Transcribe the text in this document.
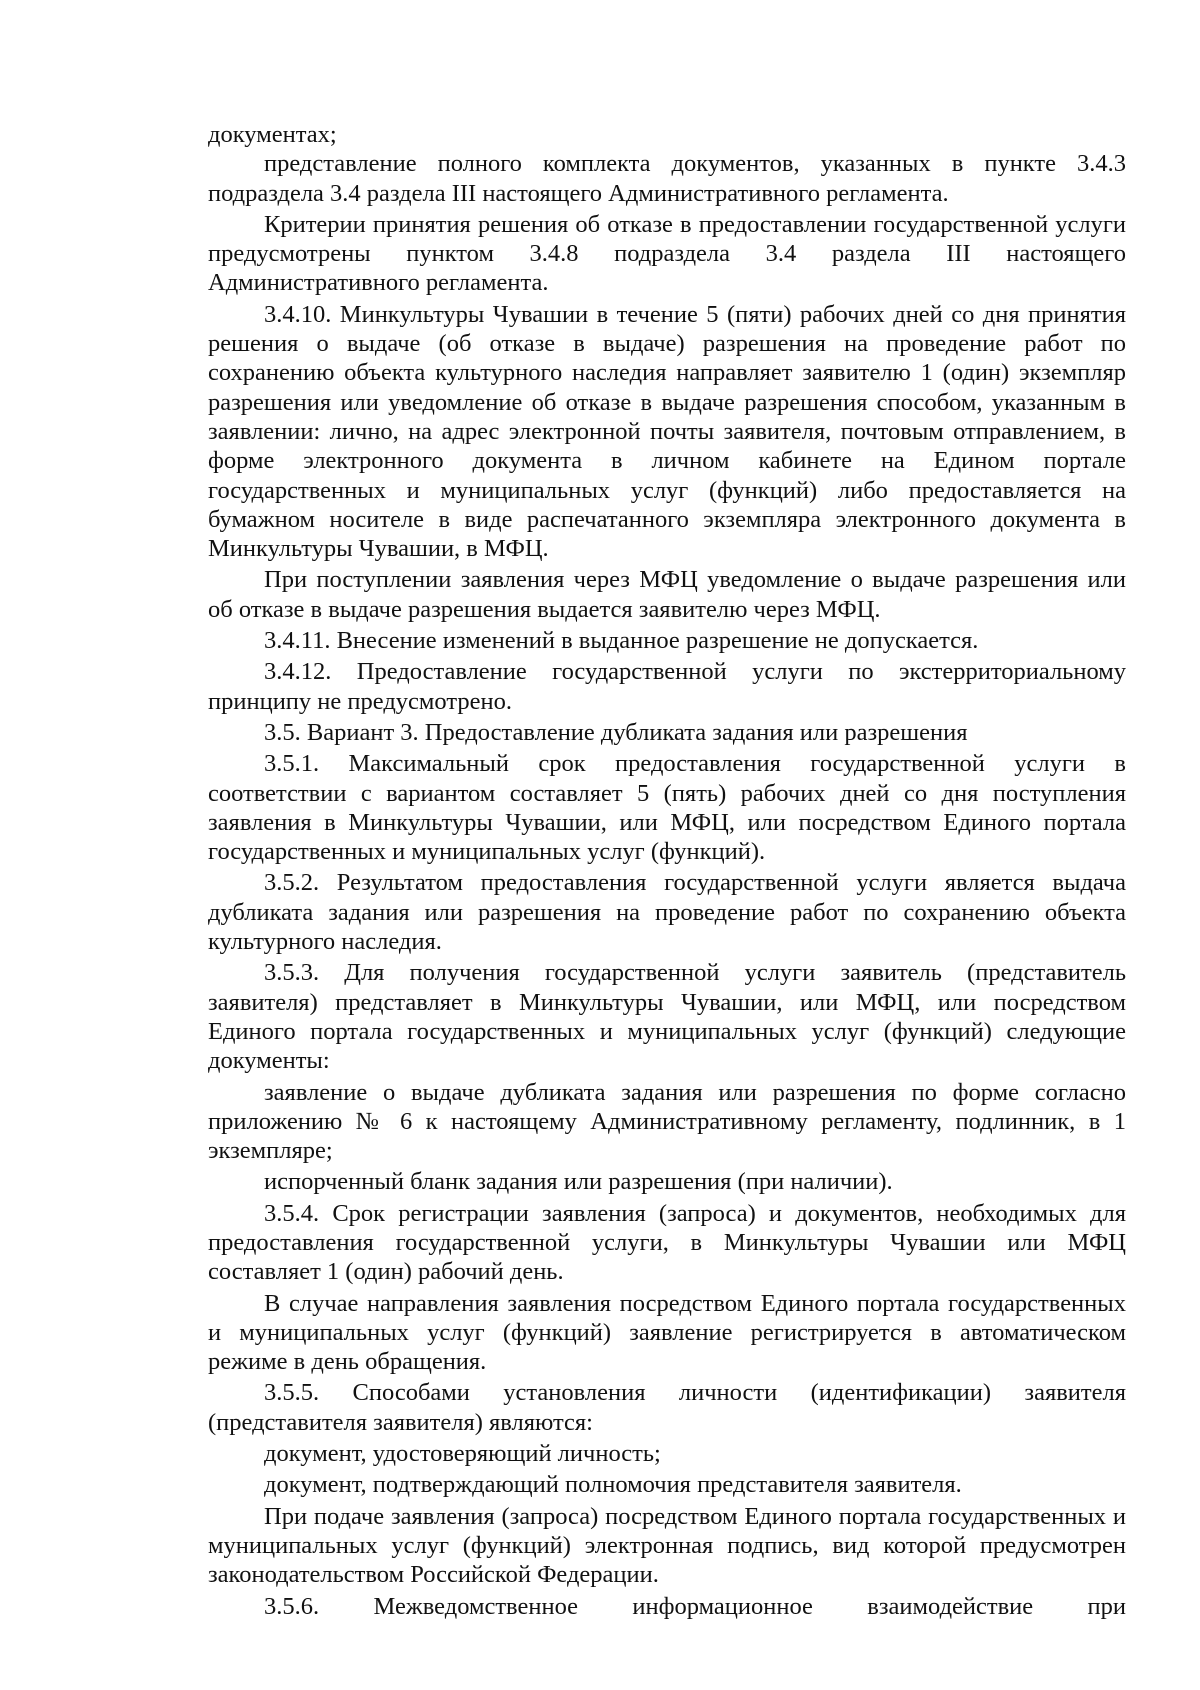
документах;

представление полного комплекта документов, указанных в пункте 3.4.3 подраздела 3.4 раздела III настоящего Административного регламента.

Критерии принятия решения об отказе в предоставлении государственной услуги предусмотрены пунктом 3.4.8 подраздела 3.4 раздела III настоящего Административного регламента.

3.4.10. Минкультуры Чувашии в течение 5 (пяти) рабочих дней со дня принятия решения о выдаче (об отказе в выдаче) разрешения на проведение работ по сохранению объекта культурного наследия направляет заявителю 1 (один) экземпляр разрешения или уведомление об отказе в выдаче разрешения способом, указанным в заявлении: лично, на адрес электронной почты заявителя, почтовым отправлением, в форме электронного документа в личном кабинете на Едином портале государственных и муниципальных услуг (функций) либо предоставляется на бумажном носителе в виде распечатанного экземпляра электронного документа в Минкультуры Чувашии, в МФЦ.

При поступлении заявления через МФЦ уведомление о выдаче разрешения или об отказе в выдаче разрешения выдается заявителю через МФЦ.

3.4.11. Внесение изменений в выданное разрешение не допускается.

3.4.12. Предоставление государственной услуги по экстерриториальному принципу не предусмотрено.

3.5. Вариант 3. Предоставление дубликата задания или разрешения

3.5.1. Максимальный срок предоставления государственной услуги в соответствии с вариантом составляет 5 (пять) рабочих дней со дня поступления заявления в Минкультуры Чувашии, или МФЦ, или посредством Единого портала государственных и муниципальных услуг (функций).

3.5.2. Результатом предоставления государственной услуги является выдача дубликата задания или разрешения на проведение работ по сохранению объекта культурного наследия.

3.5.3. Для получения государственной услуги заявитель (представитель заявителя) представляет в Минкультуры Чувашии, или МФЦ, или посредством Единого портала государственных и муниципальных услуг (функций) следующие документы:

заявление о выдаче дубликата задания или разрешения по форме согласно приложению № 6 к настоящему Административному регламенту, подлинник, в 1 экземпляре;

испорченный бланк задания или разрешения (при наличии).

3.5.4. Срок регистрации заявления (запроса) и документов, необходимых для предоставления государственной услуги, в Минкультуры Чувашии или МФЦ составляет 1 (один) рабочий день.

В случае направления заявления посредством Единого портала государственных и муниципальных услуг (функций) заявление регистрируется в автоматическом режиме в день обращения.

3.5.5. Способами установления личности (идентификации) заявителя (представителя заявителя) являются:

документ, удостоверяющий личность;

документ, подтверждающий полномочия представителя заявителя.

При подаче заявления (запроса) посредством Единого портала государственных и муниципальных услуг (функций) электронная подпись, вид которой предусмотрен законодательством Российской Федерации.

3.5.6. Межведомственное информационное взаимодействие при
